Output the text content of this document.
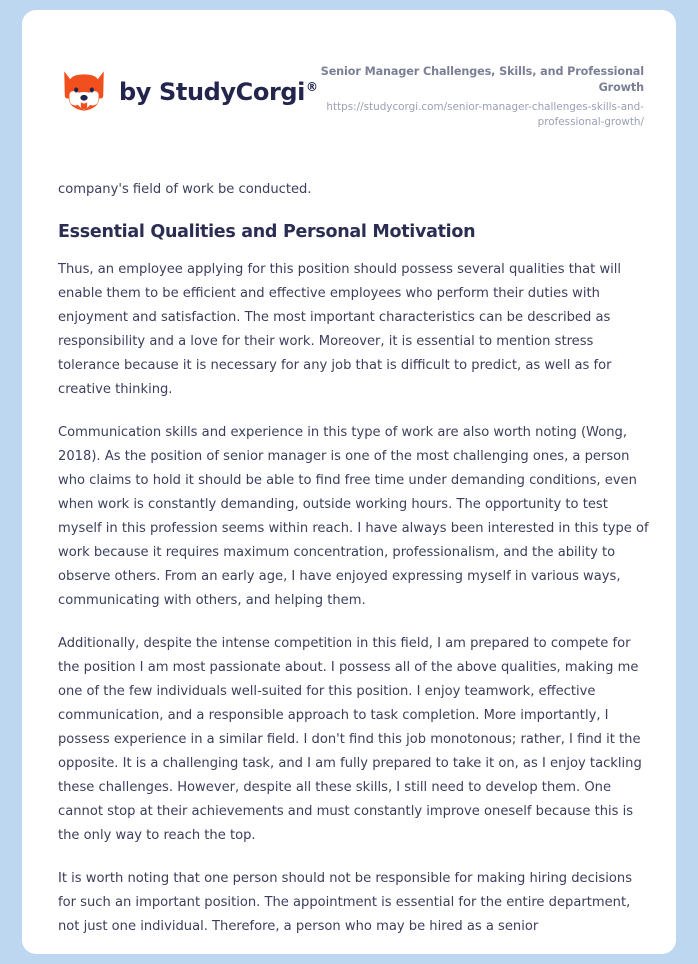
by StudyCorgi®
Senior Manager Challenges, Skills, and Professional Growth
https://studycorgi.com/senior-manager-challenges-skills-and-professional-growth/

company's field of work be conducted.

Essential Qualities and Personal Motivation

Thus, an employee applying for this position should possess several qualities that will enable them to be efficient and effective employees who perform their duties with enjoyment and satisfaction. The most important characteristics can be described as responsibility and a love for their work. Moreover, it is essential to mention stress tolerance because it is necessary for any job that is difficult to predict, as well as for creative thinking.

Communication skills and experience in this type of work are also worth noting (Wong, 2018). As the position of senior manager is one of the most challenging ones, a person who claims to hold it should be able to find free time under demanding conditions, even when work is constantly demanding, outside working hours. The opportunity to test myself in this profession seems within reach. I have always been interested in this type of work because it requires maximum concentration, professionalism, and the ability to observe others. From an early age, I have enjoyed expressing myself in various ways, communicating with others, and helping them.

Additionally, despite the intense competition in this field, I am prepared to compete for the position I am most passionate about. I possess all of the above qualities, making me one of the few individuals well-suited for this position. I enjoy teamwork, effective communication, and a responsible approach to task completion. More importantly, I possess experience in a similar field. I don't find this job monotonous; rather, I find it the opposite. It is a challenging task, and I am fully prepared to take it on, as I enjoy tackling these challenges. However, despite all these skills, I still need to develop them. One cannot stop at their achievements and must constantly improve oneself because this is the only way to reach the top.

It is worth noting that one person should not be responsible for making hiring decisions for such an important position. The appointment is essential for the entire department, not just one individual. Therefore, a person who may be hired as a senior
